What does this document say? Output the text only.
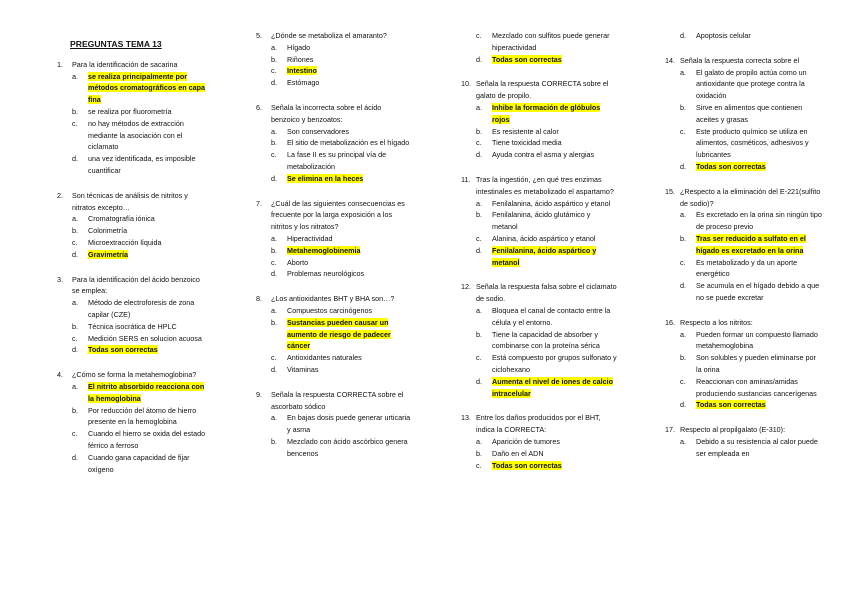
PREGUNTAS TEMA 13
1. Para la identificación de sacarina
a. se realiza principalmente por métodos cromatográficos en capa fina
b. se realiza por fluorometría
c. no hay métodos de extracción mediante la asociación con el ciclamato
d. una vez identificada, es imposible cuantificar
2. Son técnicas de análisis de nitritos y nitratos excepto…
a. Cromatografía iónica
b. Colorimetría
c. Microextracción líquida
d. Gravimetría
3. Para la identificación del ácido benzoico se emplea:
a. Método de electroforesis de zona capilar (CZE)
b. Técnica isocrática de HPLC
c. Medición SERS en solucion acuosa
d. Todas son correctas
4. ¿Cómo se forma la metahemoglobina?
a. El nitrito absorbido reacciona con la hemoglobina
b. Por reducción del átomo de hierro presente en la hemoglobina
c. Cuando el hierro se oxida del estado férrico a ferroso
d. Cuando gana capacidad de fijar oxígeno
5. ¿Dónde se metaboliza el amaranto?
a. Hígado
b. Riñones
c. Intestino
d. Estómago
6. Señala la incorrecta sobre el ácido benzoico y benzoatos:
a. Son conservadores
b. El sitio de metabolización es el hígado
c. La fase II es su principal vía de metabolización
d. Se elimina en la heces
7. ¿Cuál de las siguientes consecuencias es frecuente por la larga exposición a los nitritos y los nitratos?
a. Hiperactividad
b. Metahemoglobinemia
c. Aborto
d. Problemas neurológicos
8. ¿Los antioxidantes BHT y BHA son…?
a. Compuestos carcinógenos
b. Sustancias pueden causar un aumento de riesgo de padecer cáncer
c. Antioxidantes naturales
d. Vitaminas
9. Señala la respuesta CORRECTA sobre el ascorbato sódico
a. En bajas dosis puede generar urticaria y asma
b. Mezclado con ácido ascórbico genera bencenos
c. Mezclado con sulfitos puede generar hiperactividad
d. Todas son correctas
10. Señala la respuesta CORRECTA sobre el galato de propilo.
a. Inhibe la formación de glóbulos rojos
b. Es resistente al calor
c. Tiene toxicidad media
d. Ayuda contra el asma y alergias
11. Tras la ingestión, ¿en qué tres enzimas intestinales es metabolizado el aspartamo?
a. Fenilalanina, ácido aspártico y etanol
b. Fenilalanina, ácido glutámico y metanol
c. Alanina, ácido aspártico y etanol
d. Fenilalanina, ácido aspártico y metanol
12. Señala la respuesta falsa sobre el ciclamato de sodio.
a. Bloquea el canal de contacto entre la célula y el entorno.
b. Tiene la capacidad de absorber y combinarse con la proteína sérica
c. Está compuesto por grupos sulfonato y ciclohexano
d. Aumenta el nivel de iones de calcio intracelular
13. Entre los daños producidos por el BHT, indica la CORRECTA:
a. Aparición de tumores
b. Daño en el ADN
c. Todas son correctas
d. Apoptosis celular
14. Señala la respuesta correcta sobre el
a. El galato de propilo actúa como un antioxidante que protege contra la oxidación
b. Sirve en alimentos que contienen aceites y grasas
c. Este producto químico se utiliza en alimentos, cosméticos, adhesivos y lubricantes
d. Todas son correctas
15. ¿Respecto a la eliminación del E-221(sulfito de sodio)?
a. Es excretado en la orina sin ningún tipo de proceso previo
b. Tras ser reducido a sulfato en el hígado es excretado en la orina
c. Es metabolizado y da un aporte energético
d. Se acumula en el hígado debido a que no se puede excretar
16. Respecto a los nitritos:
a. Pueden formar un compuesto llamado metahemoglobina
b. Son solubles y pueden eliminarse por la orina
c. Reaccionan con aminas/amidas produciendo sustancias cancerígenas
d. Todas son correctas
17. Respecto al propilgalato (E-310):
a. Debido a su resistencia al calor puede ser empleada en
